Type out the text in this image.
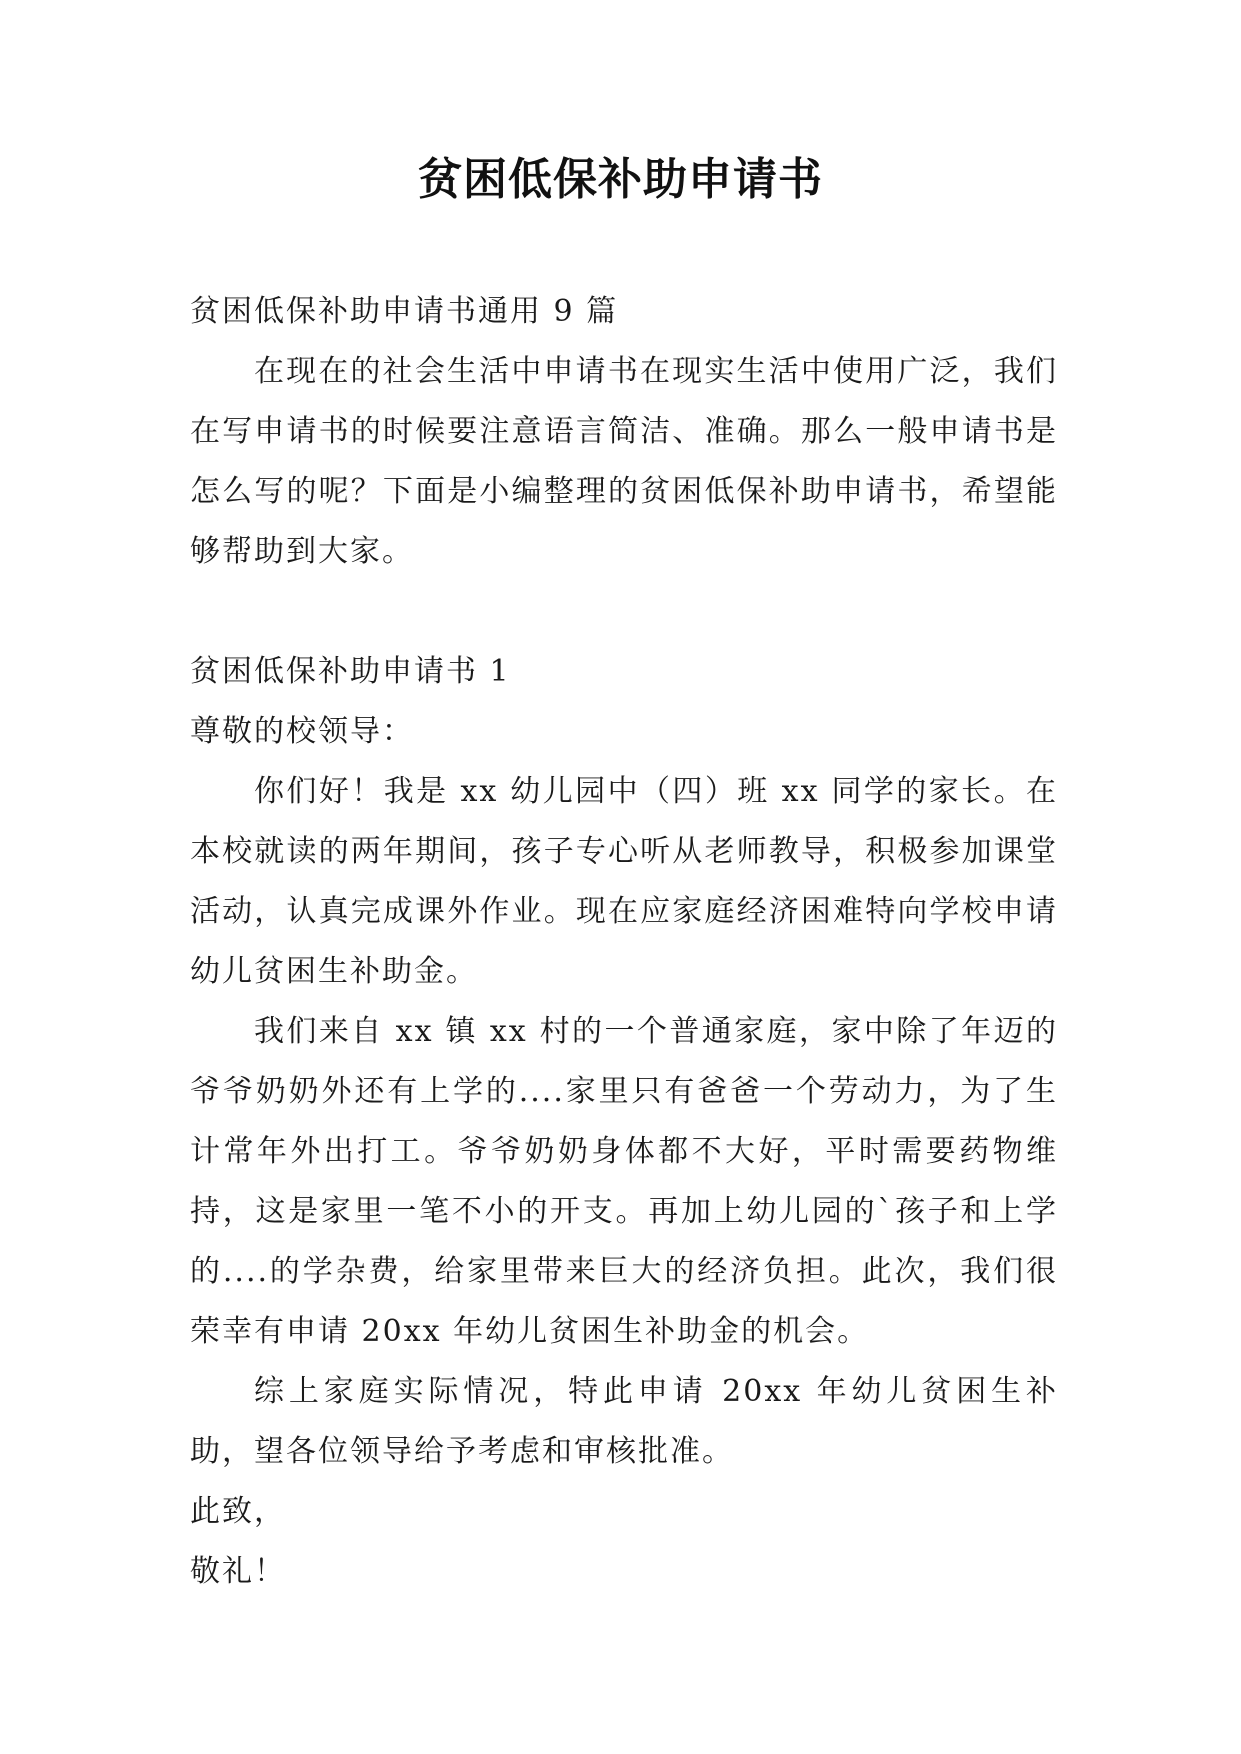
贫困低保补助申请书

贫困低保补助申请书通用 9 篇

在现在的社会生活中申请书在现实生活中使用广泛，我们在写申请书的时候要注意语言简洁、准确。那么一般申请书是怎么写的呢？下面是小编整理的贫困低保补助申请书，希望能够帮助到大家。

贫困低保补助申请书 1

尊敬的校领导：

你们好！我是 xx 幼儿园中（四）班 xx 同学的家长。在本校就读的两年期间，孩子专心听从老师教导，积极参加课堂活动，认真完成课外作业。现在应家庭经济困难特向学校申请幼儿贫困生补助金。

我们来自 xx 镇 xx 村的一个普通家庭，家中除了年迈的爷爷奶奶外还有上学的....家里只有爸爸一个劳动力，为了生计常年外出打工。爷爷奶奶身体都不大好，平时需要药物维持，这是家里一笔不小的开支。再加上幼儿园的`孩子和上学的....的学杂费，给家里带来巨大的经济负担。此次，我们很荣幸有申请 20xx 年幼儿贫困生补助金的机会。

综上家庭实际情况，特此申请 20xx 年幼儿贫困生补助，望各位领导给予考虑和审核批准。

此致，

敬礼！
